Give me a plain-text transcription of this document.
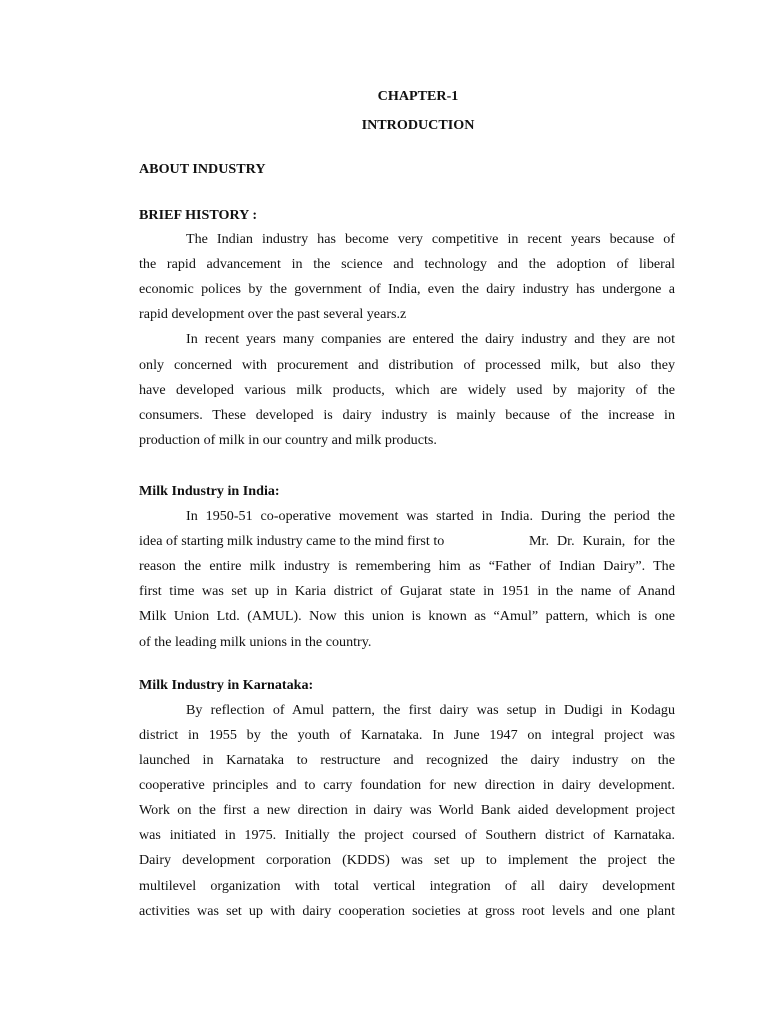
CHAPTER-1
INTRODUCTION
ABOUT INDUSTRY
BRIEF HISTORY :
The Indian industry has become very competitive in recent years because of
the rapid advancement in the science and technology and the adoption of liberal
economic polices by the government of India, even the dairy industry has undergone a
rapid development over the past several years.z
In recent years many companies are entered the dairy industry and they are not
only concerned with procurement and distribution of processed milk, but also they
have developed various milk products, which are widely used by majority of the
consumers. These developed is dairy industry is mainly because of the increase in
production of milk in our country and milk products.
Milk Industry in India:
In 1950-51 co-operative movement was started in India. During the period the
idea of starting milk industry came to the mind first to	Mr. Dr. Kurain, for the
reason the entire milk industry is remembering him as “Father of Indian Dairy”. The
first time was set up in Karia district of Gujarat state in 1951 in the name of Anand
Milk Union Ltd. (AMUL). Now this union is known as “Amul” pattern, which is one
of the leading milk unions in the country.
Milk Industry in Karnataka:
By reflection of Amul pattern, the first dairy was setup in Dudigi in Kodagu
district in 1955 by the youth of Karnataka. In June 1947 on integral project was
launched in Karnataka to restructure and recognized the dairy industry on the
cooperative principles and to carry foundation for new direction in dairy development.
Work on the first a new direction in dairy was World Bank aided development project
was initiated in 1975. Initially the project coursed of Southern district of Karnataka.
Dairy development corporation (KDDS) was set up to implement the project the
multilevel organization with total vertical integration of all dairy development
activities was set up with dairy cooperation societies at gross root levels and one plant
